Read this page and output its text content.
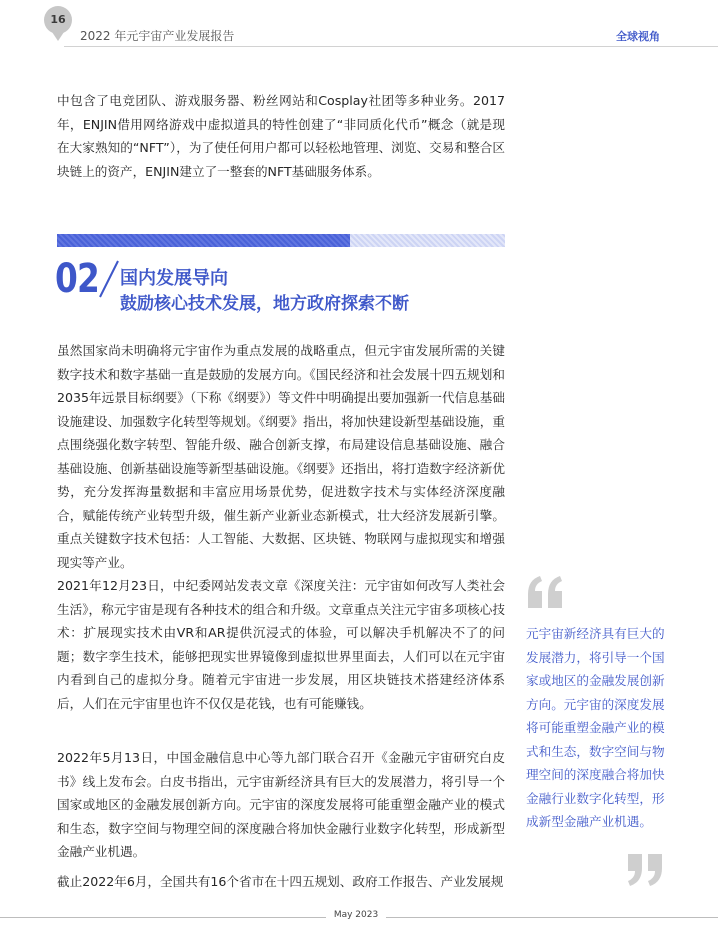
16
2022 年元宇宙产业发展报告	全球视角

中包含了电竞团队、游戏服务器、粉丝网站和Cosplay社团等多种业务。2017年，ENJIN借用网络游戏中虚拟道具的特性创建了“非同质化代币”概念（就是现在大家熟知的“NFT”），为了使任何用户都可以轻松地管理、浏览、交易和整合区块链上的资产，ENJIN建立了一整套的NFT基础服务体系。

02 国内发展导向
鼓励核心技术发展，地方政府探索不断

虽然国家尚未明确将元宇宙作为重点发展的战略重点，但元宇宙发展所需的关键数字技术和数字基础一直是鼓励的发展方向。《国民经济和社会发展十四五规划和2035年远景目标纲要》（下称《纲要》）等文件中明确提出要加强新一代信息基础设施建设、加强数字化转型等规划。《纲要》指出，将加快建设新型基础设施，重点围绕强化数字转型、智能升级、融合创新支撑，布局建设信息基础设施、融合基础设施、创新基础设施等新型基础设施。《纲要》还指出，将打造数字经济新优势，充分发挥海量数据和丰富应用场景优势，促进数字技术与实体经济深度融合，赋能传统产业转型升级，催生新产业新业态新模式，壮大经济发展新引擎。重点关键数字技术包括：人工智能、大数据、区块链、物联网与虚拟现实和增强现实等产业。

2021年12月23日，中纪委网站发表文章《深度关注：元宇宙如何改写人类社会生活》，称元宇宙是现有各种技术的组合和升级。文章重点关注元宇宙多项核心技术：扩展现实技术由VR和AR提供沉浸式的体验，可以解决手机解决不了的问题；数字孪生技术，能够把现实世界镜像到虚拟世界里面去，人们可以在元宇宙内看到自己的虚拟分身。随着元宇宙进一步发展，用区块链技术搭建经济体系后，人们在元宇宙里也许不仅仅是花钱，也有可能赚钱。

2022年5月13日，中国金融信息中心等九部门联合召开《金融元宇宙研究白皮书》线上发布会。白皮书指出，元宇宙新经济具有巨大的发展潜力，将引导一个国家或地区的金融发展创新方向。元宇宙的深度发展将可能重塑金融产业的模式和生态，数字空间与物理空间的深度融合将加快金融行业数字化转型，形成新型金融产业机遇。

截止2022年6月，全国共有16个省市在十四五规划、政府工作报告、产业发展规

元宇宙新经济具有巨大的发展潜力，将引导一个国家或地区的金融发展创新方向。元宇宙的深度发展将可能重塑金融产业的模式和生态，数字空间与物理空间的深度融合将加快金融行业数字化转型，形成新型金融产业机遇。

May 2023
